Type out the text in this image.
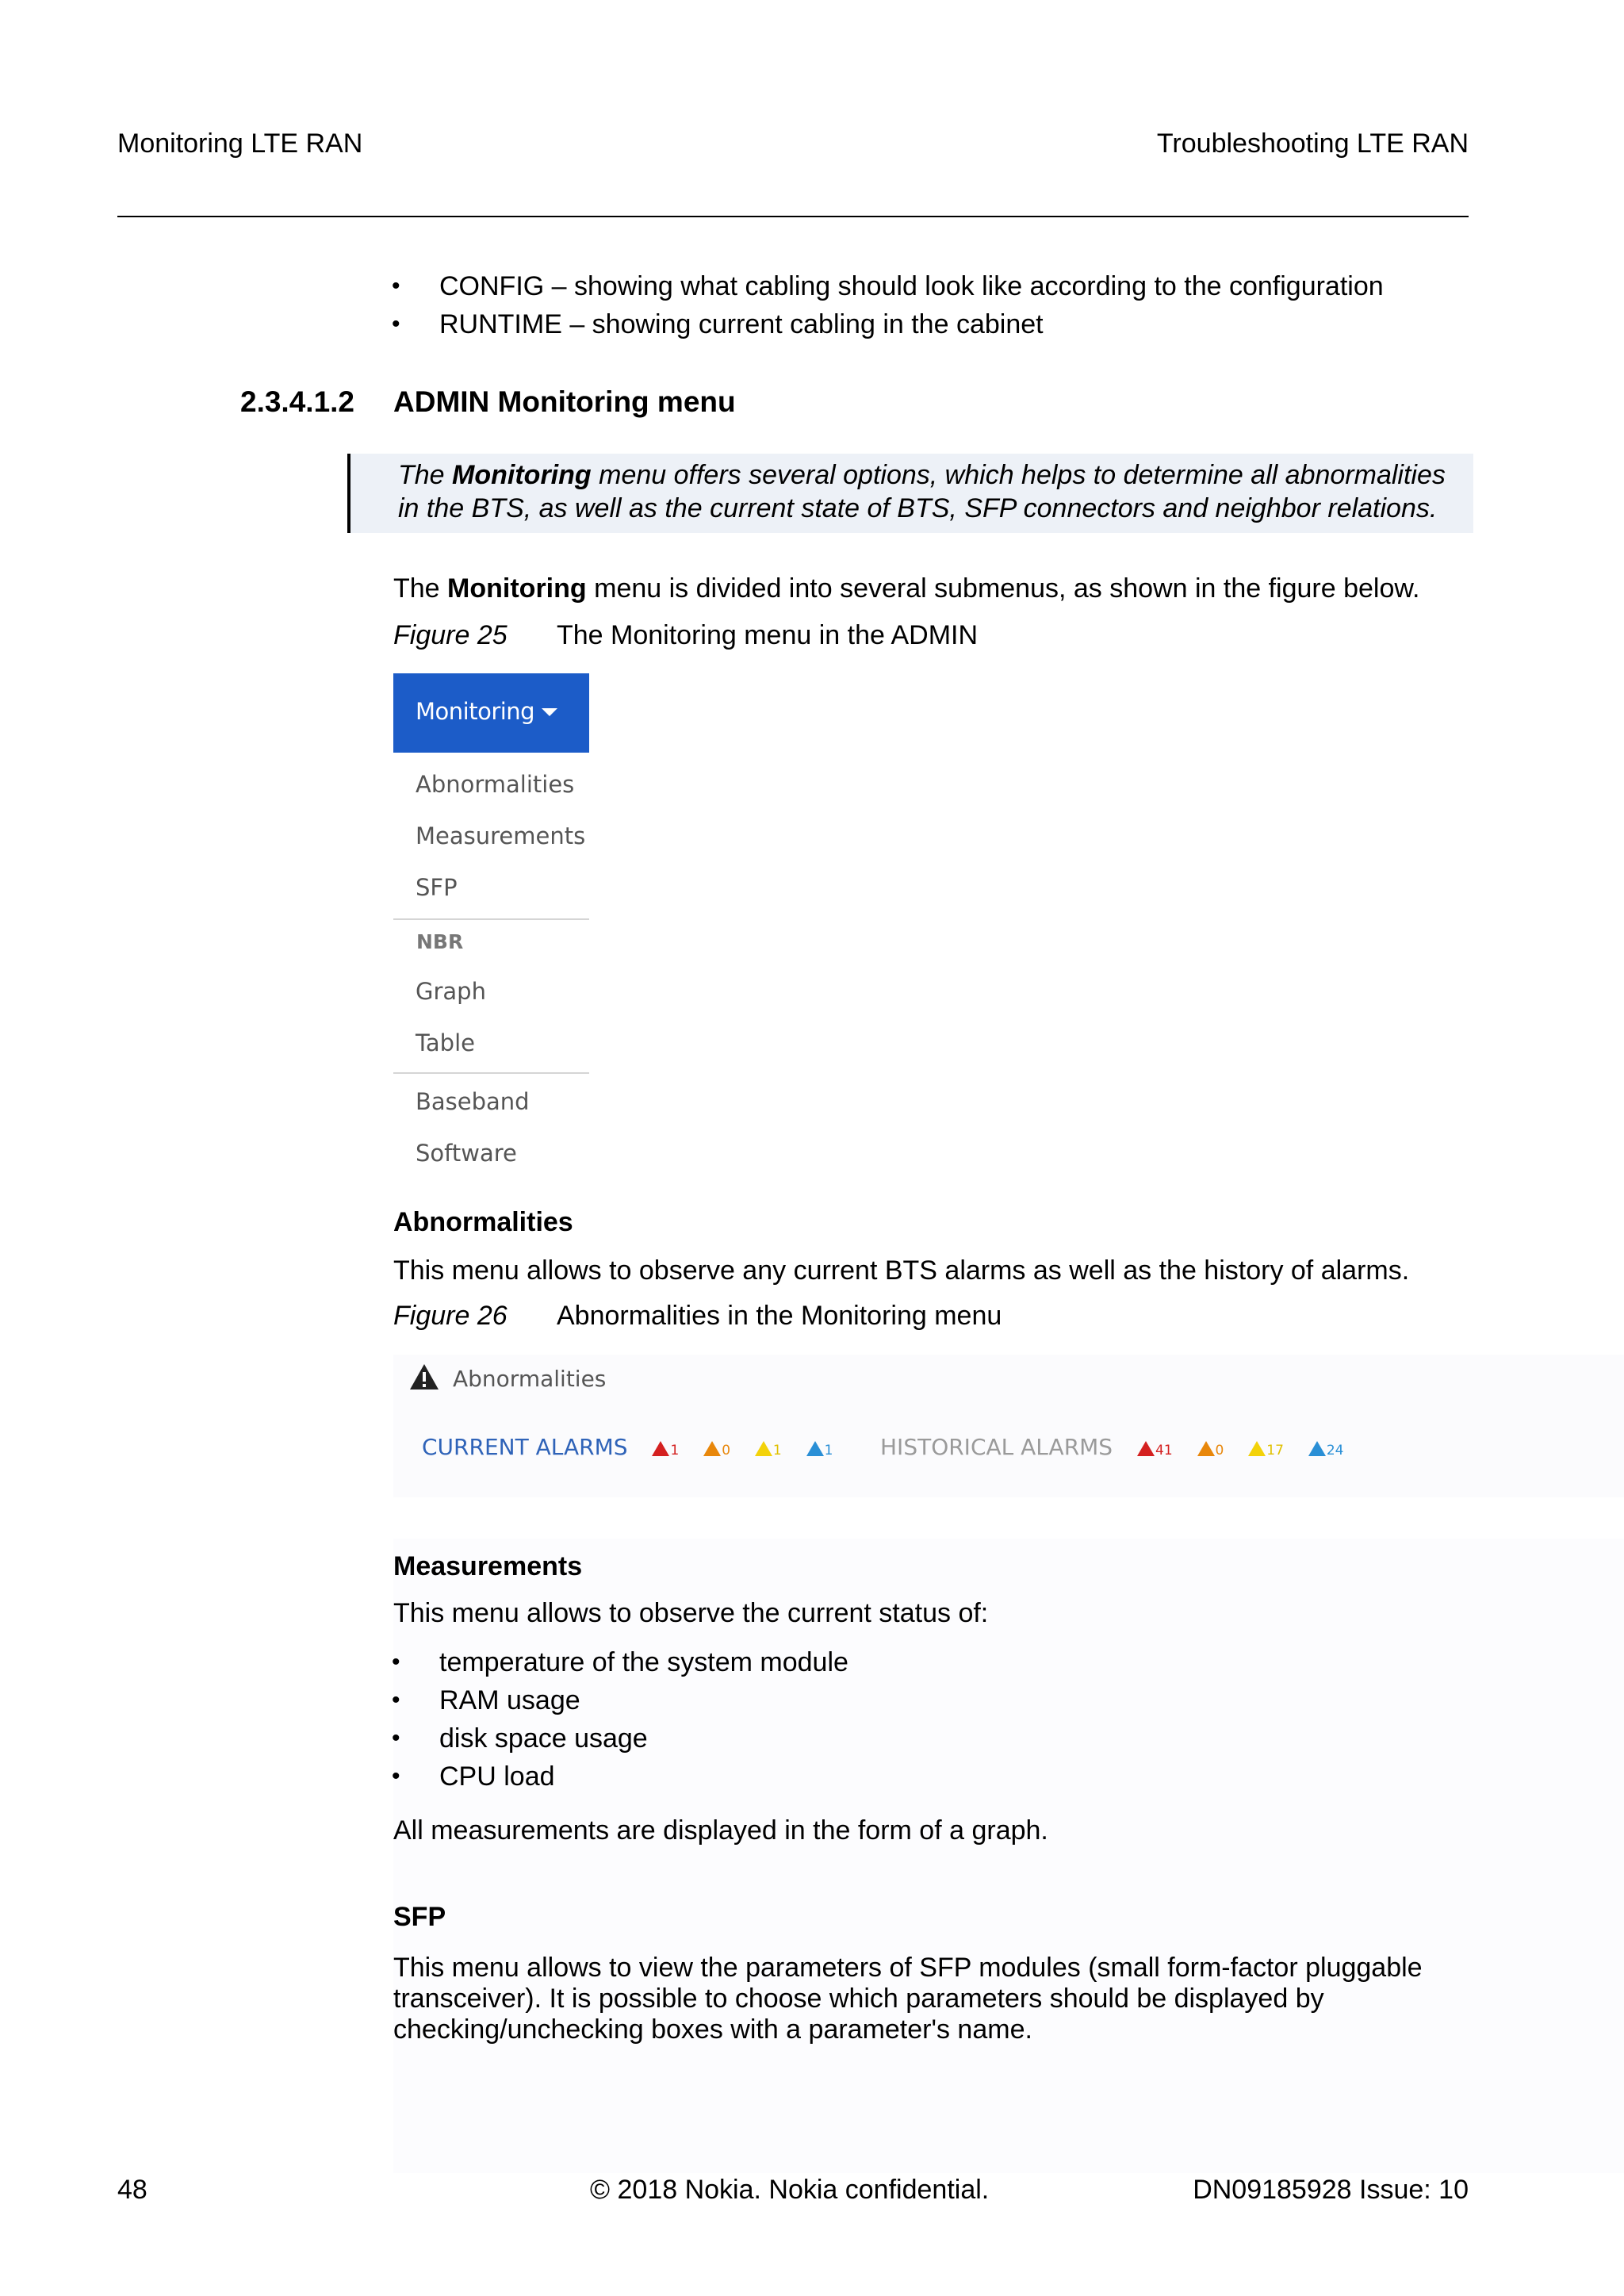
Monitoring LTE RAN	Troubleshooting LTE RAN
• CONFIG – showing what cabling should look like according to the configuration
• RUNTIME – showing current cabling in the cabinet
2.3.4.1.2 ADMIN Monitoring menu

The Monitoring menu offers several options, which helps to determine all abnormalities in the BTS, as well as the current state of BTS, SFP connectors and neighbor relations.

The Monitoring menu is divided into several submenus, as shown in the figure below.
Figure 25 The Monitoring menu in the ADMIN
Monitoring
Abnormalities
Measurements
SFP
NBR
Graph
Table
Baseband
Software
Abnormalities
This menu allows to observe any current BTS alarms as well as the history of alarms.
Figure 26 Abnormalities in the Monitoring menu
Abnormalities
CURRENT ALARMS	1	0	1	1	HISTORICAL ALARMS	41	0	17	24
Measurements
This menu allows to observe the current status of:
• temperature of the system module
• RAM usage
• disk space usage
• CPU load
All measurements are displayed in the form of a graph.
SFP
This menu allows to view the parameters of SFP modules (small form-factor pluggable
transceiver). It is possible to choose which parameters should be displayed by
checking/unchecking boxes with a parameter's name.
48	© 2018 Nokia. Nokia confidential.	DN09185928 Issue: 10
